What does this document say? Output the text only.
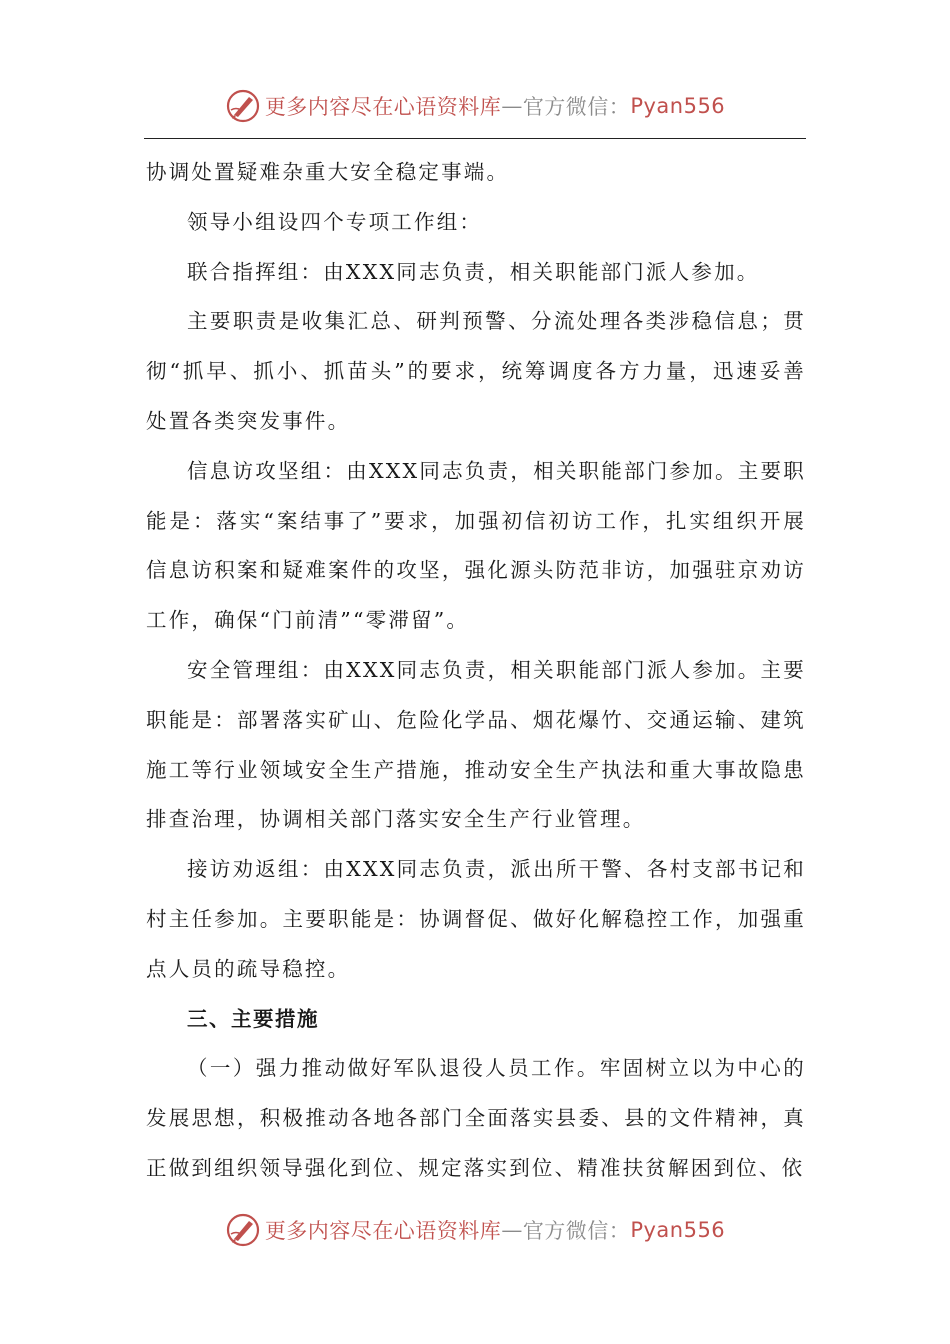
更多内容尽在心语资料库 — 官方微信： Pyan556

协调处置疑难杂重大安全稳定事端。

领导小组设四个专项工作组：

联合指挥组：由XXX同志负责，相关职能部门派人参加。

主要职责是收集汇总、研判预警、分流处理各类涉稳信息；贯彻“抓早、抓小、抓苗头”的要求，统筹调度各方力量，迅速妥善处置各类突发事件。

信息访攻坚组：由XXX同志负责，相关职能部门参加。主要职能是：落实“案结事了”要求，加强初信初访工作，扎实组织开展信息访积案和疑难案件的攻坚，强化源头防范非访，加强驻京劝访工作，确保“门前清”“零滞留”。

安全管理组：由XXX同志负责，相关职能部门派人参加。主要职能是：部署落实矿山、危险化学品、烟花爆竹、交通运输、建筑施工等行业领域安全生产措施，推动安全生产执法和重大事故隐患排查治理，协调相关部门落实安全生产行业管理。

接访劝返组：由XXX同志负责，派出所干警、各村支部书记和村主任参加。主要职能是：协调督促、做好化解稳控工作，加强重点人员的疏导稳控。

三、主要措施

（一）强力推动做好军队退役人员工作。牢固树立以为中心的发展思想，积极推动各地各部门全面落实县委、县的文件精神，真正做到组织领导强化到位、规定落实到位、精准扶贫解困到位、依

更多内容尽在心语资料库 — 官方微信： Pyan556
